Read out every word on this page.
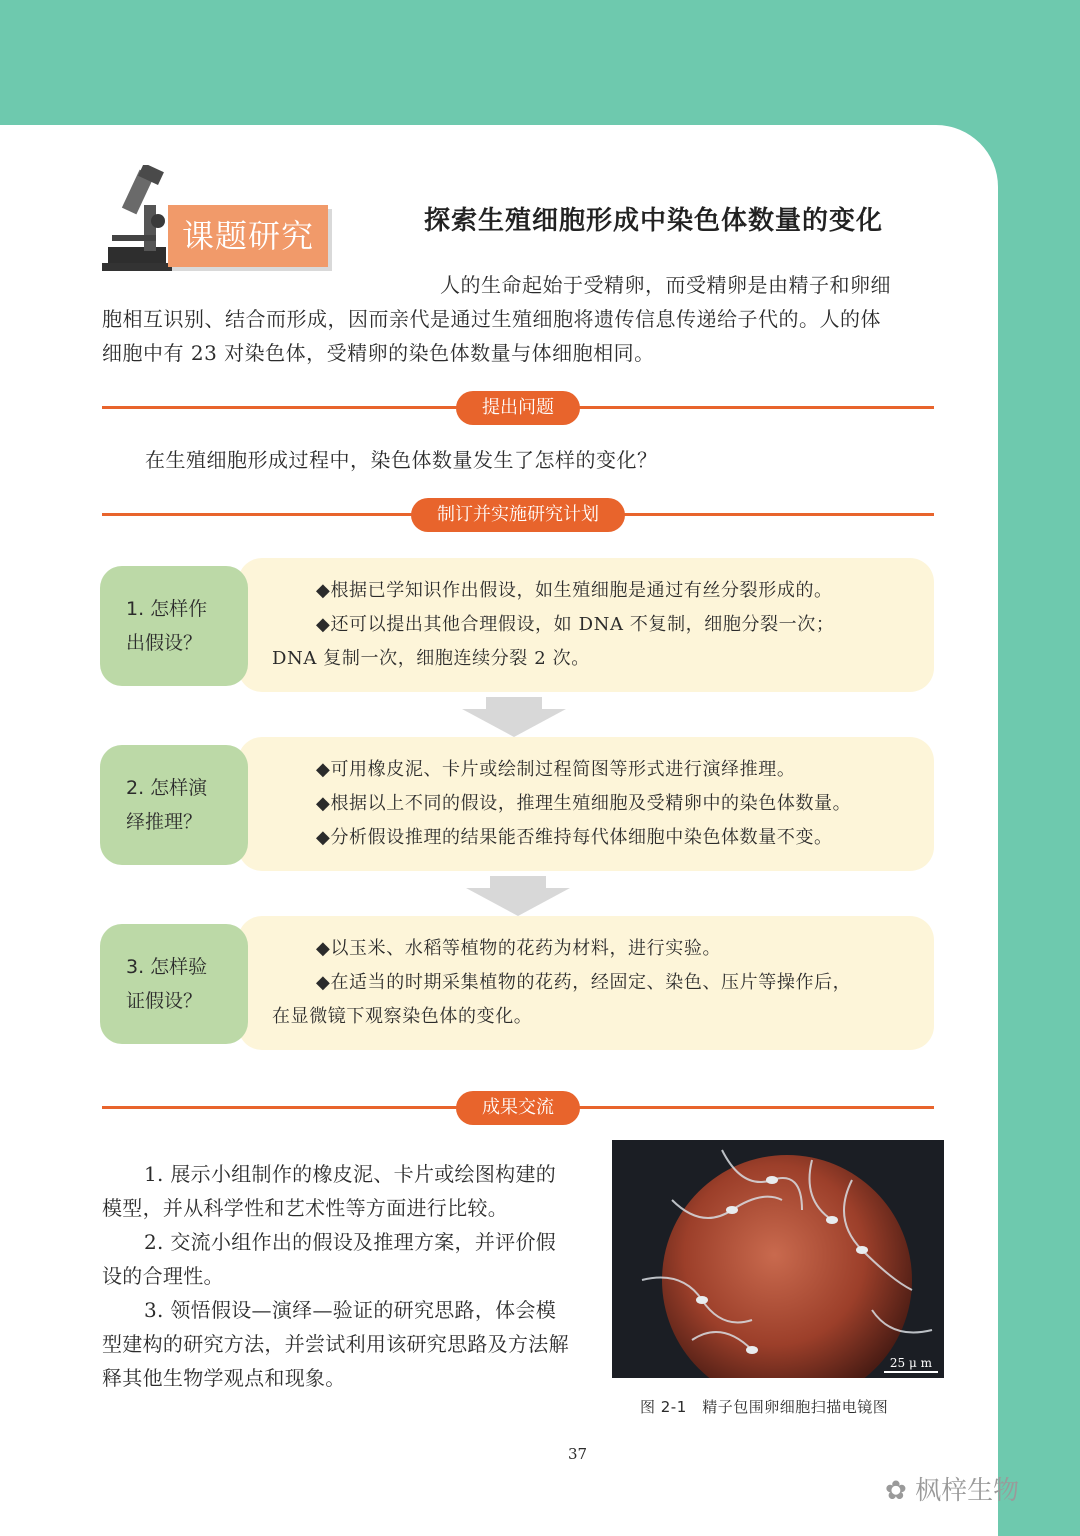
课题研究	探索生殖细胞形成中染色体数量的变化
人的生命起始于受精卵，而受精卵是由精子和卵细
胞相互识别、结合而形成，因而亲代是通过生殖细胞将遗传信息传递给子代的。人的体
细胞中有 23 对染色体，受精卵的染色体数量与体细胞相同。
提出问题
在生殖细胞形成过程中，染色体数量发生了怎样的变化？
制订并实施研究计划
1. 怎样作
出假设？
◆根据已学知识作出假设，如生殖细胞是通过有丝分裂形成的。
◆还可以提出其他合理假设，如 DNA 不复制，细胞分裂一次；
DNA 复制一次，细胞连续分裂 2 次。
2. 怎样演
绎推理？
◆可用橡皮泥、卡片或绘制过程简图等形式进行演绎推理。
◆根据以上不同的假设，推理生殖细胞及受精卵中的染色体数量。
◆分析假设推理的结果能否维持每代体细胞中染色体数量不变。
3. 怎样验
证假设？
◆以玉米、水稻等植物的花药为材料，进行实验。
◆在适当的时期采集植物的花药，经固定、染色、压片等操作后，
在显微镜下观察染色体的变化。
成果交流

1. 展示小组制作的橡皮泥、卡片或绘图构建的模型，并从科学性和艺术性等方面进行比较。

2. 交流小组作出的假设及推理方案，并评价假设的合理性。

3. 领悟假设—演绎—验证的研究思路，体会模型建构的研究方法，并尝试利用该研究思路及方法解释其他生物学观点和现象。

25 μ m
图 2-1　精子包围卵细胞扫描电镜图
37
✿ 枫梓生物
